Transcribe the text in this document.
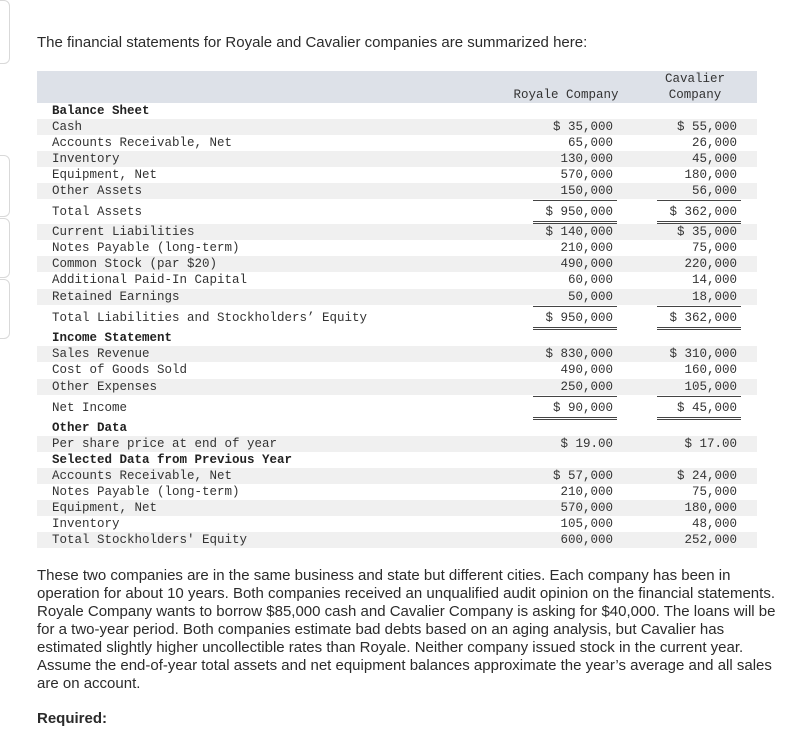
The financial statements for Royale and Cavalier companies are summarized here:
Royale Company
Cavalier
Company
Balance Sheet
Cash	$ 35,000	$ 55,000
Accounts Receivable, Net	65,000	26,000
Inventory	130,000	45,000
Equipment, Net	570,000	180,000
Other Assets	150,000	56,000
Total Assets	$ 950,000	$ 362,000
Current Liabilities	$ 140,000	$ 35,000
Notes Payable (long-term)	210,000	75,000
Common Stock (par $20)	490,000	220,000
Additional Paid-In Capital	60,000	14,000
Retained Earnings	50,000	18,000
Total Liabilities and Stockholders’ Equity	$ 950,000	$ 362,000
Income Statement
Sales Revenue	$ 830,000	$ 310,000
Cost of Goods Sold	490,000	160,000
Other Expenses	250,000	105,000
Net Income	$ 90,000	$ 45,000
Other Data
Per share price at end of year	$ 19.00	$ 17.00
Selected Data from Previous Year
Accounts Receivable, Net	$ 57,000	$ 24,000
Notes Payable (long-term)	210,000	75,000
Equipment, Net	570,000	180,000
Inventory	105,000	48,000
Total Stockholders' Equity	600,000	252,000
These two companies are in the same business and state but different cities. Each company has been in operation for about 10 years. Both companies received an unqualified audit opinion on the financial statements. Royale Company wants to borrow $85,000 cash and Cavalier Company is asking for $40,000. The loans will be for a two-year period. Both companies estimate bad debts based on an aging analysis, but Cavalier has estimated slightly higher uncollectible rates than Royale. Neither company issued stock in the current year. Assume the end-of-year total assets and net equipment balances approximate the year’s average and all sales are on account.
Required:
